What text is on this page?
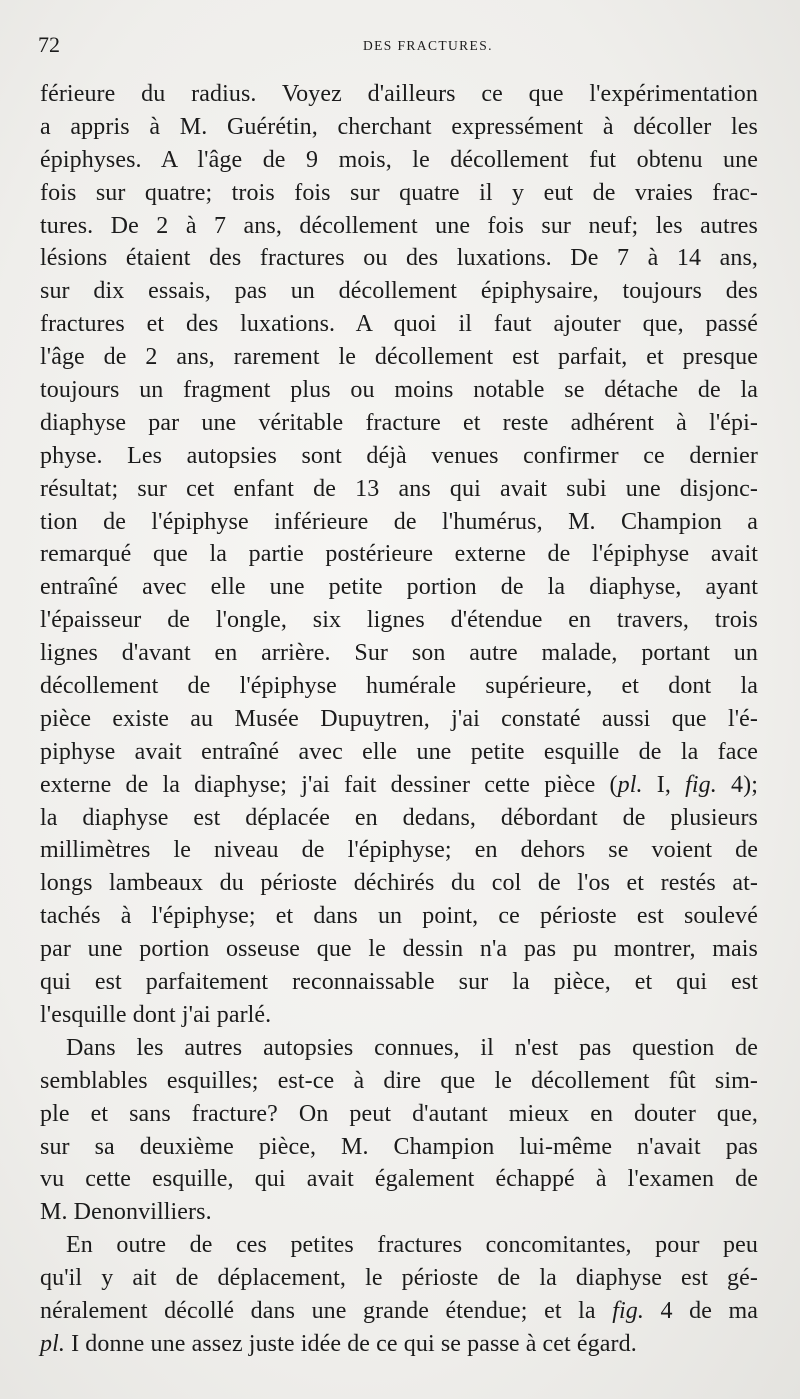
72	DES FRACTURES.
férieure du radius. Voyez d'ailleurs ce que l'expérimentation
a appris à M. Guérétin, cherchant expressément à décoller les
épiphyses. A l'âge de 9 mois, le décollement fut obtenu une
fois sur quatre; trois fois sur quatre il y eut de vraies frac-
tures. De 2 à 7 ans, décollement une fois sur neuf; les autres
lésions étaient des fractures ou des luxations. De 7 à 14 ans,
sur dix essais, pas un décollement épiphysaire, toujours des
fractures et des luxations. A quoi il faut ajouter que, passé
l'âge de 2 ans, rarement le décollement est parfait, et presque
toujours un fragment plus ou moins notable se détache de la
diaphyse par une véritable fracture et reste adhérent à l'épi-
physe. Les autopsies sont déjà venues confirmer ce dernier
résultat; sur cet enfant de 13 ans qui avait subi une disjonc-
tion de l'épiphyse inférieure de l'humérus, M. Champion a
remarqué que la partie postérieure externe de l'épiphyse avait
entraîné avec elle une petite portion de la diaphyse, ayant
l'épaisseur de l'ongle, six lignes d'étendue en travers, trois
lignes d'avant en arrière. Sur son autre malade, portant un
décollement de l'épiphyse humérale supérieure, et dont la
pièce existe au Musée Dupuytren, j'ai constaté aussi que l'é-
piphyse avait entraîné avec elle une petite esquille de la face
externe de la diaphyse; j'ai fait dessiner cette pièce (pl. I, fig. 4);
la diaphyse est déplacée en dedans, débordant de plusieurs
millimètres le niveau de l'épiphyse; en dehors se voient de
longs lambeaux du périoste déchirés du col de l'os et restés at-
tachés à l'épiphyse; et dans un point, ce périoste est soulevé
par une portion osseuse que le dessin n'a pas pu montrer, mais
qui est parfaitement reconnaissable sur la pièce, et qui est
l'esquille dont j'ai parlé.
Dans les autres autopsies connues, il n'est pas question de
semblables esquilles; est-ce à dire que le décollement fût sim-
ple et sans fracture? On peut d'autant mieux en douter que,
sur sa deuxième pièce, M. Champion lui-même n'avait pas
vu cette esquille, qui avait également échappé à l'examen de
M. Denonvilliers.
En outre de ces petites fractures concomitantes, pour peu
qu'il y ait de déplacement, le périoste de la diaphyse est gé-
néralement décollé dans une grande étendue; et la fig. 4 de ma
pl. I donne une assez juste idée de ce qui se passe à cet égard.
